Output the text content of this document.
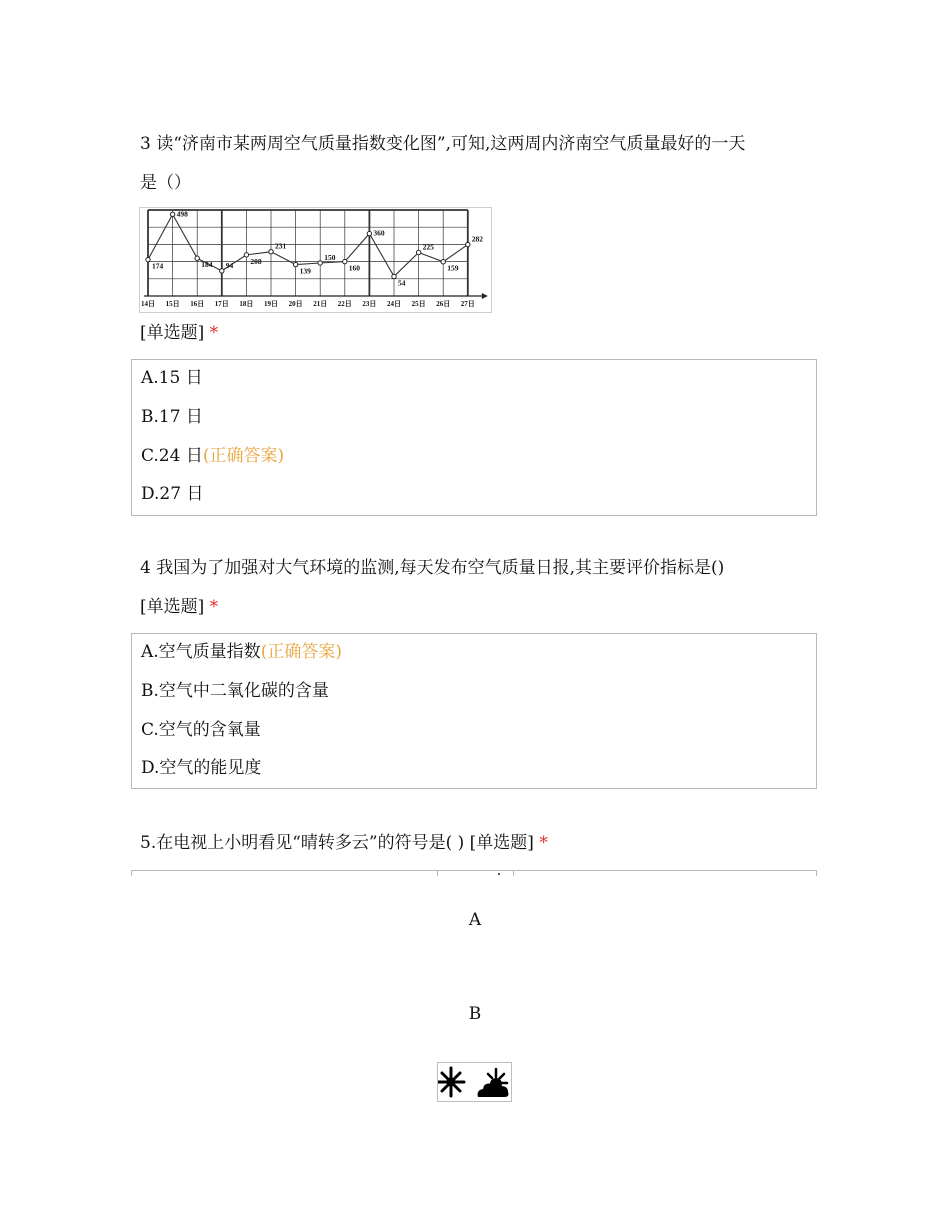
3 读“济南市某两周空气质量指数变化图”,可知,这两周内济南空气质量最好的一天
是（）
174
498
184 94 208
231
139
150
160
360
54
225
159
282
14日 15日 16日 17日 18日 19日 20日 21日 22日 23日 24日 25日 26日 27日
[单选题] *
A.15 日
B.17 日
C.24 日(正确答案)
D.27 日
4 我国为了加强对大气环境的监测,每天发布空气质量日报,其主要评价指标是()
[单选题] *
A.空气质量指数(正确答案)
B.空气中二氧化碳的含量
C.空气的含氧量
D.空气的能见度
5.在电视上小明看见“晴转多云”的符号是( ) [单选题] *
A
B
